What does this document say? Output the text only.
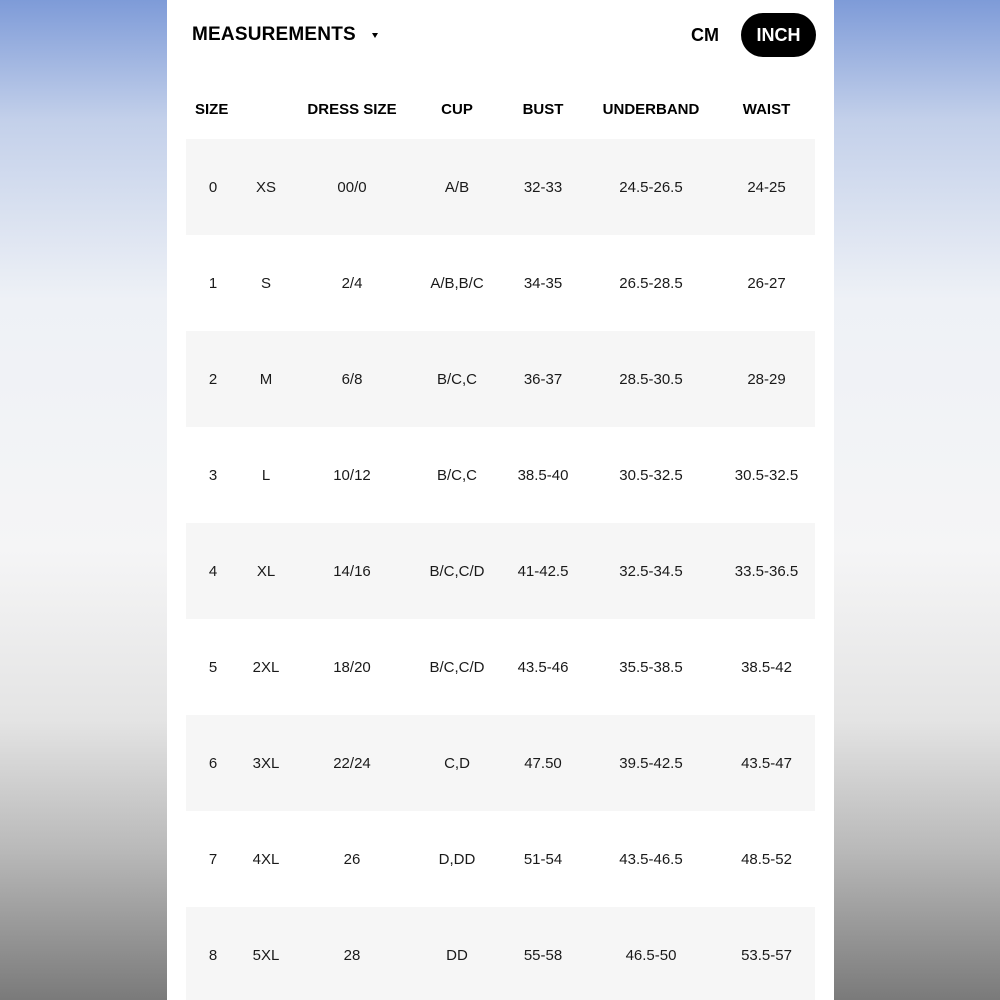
MEASUREMENTS	CM	INCH
SIZE	DRESS SIZE	CUP	BUST	UNDERBAND	WAIST
0	XS	00/0	A/B	32-33	24.5-26.5	24-25
1	S	2/4	A/B,B/C	34-35	26.5-28.5	26-27
2	M	6/8	B/C,C	36-37	28.5-30.5	28-29
3	L	10/12	B/C,C	38.5-40	30.5-32.5	30.5-32.5
4	XL	14/16	B/C,C/D	41-42.5	32.5-34.5	33.5-36.5
5	2XL	18/20	B/C,C/D	43.5-46	35.5-38.5	38.5-42
6	3XL	22/24	C,D	47.50	39.5-42.5	43.5-47
7	4XL	26	D,DD	51-54	43.5-46.5	48.5-52
8	5XL	28	DD	55-58	46.5-50	53.5-57
